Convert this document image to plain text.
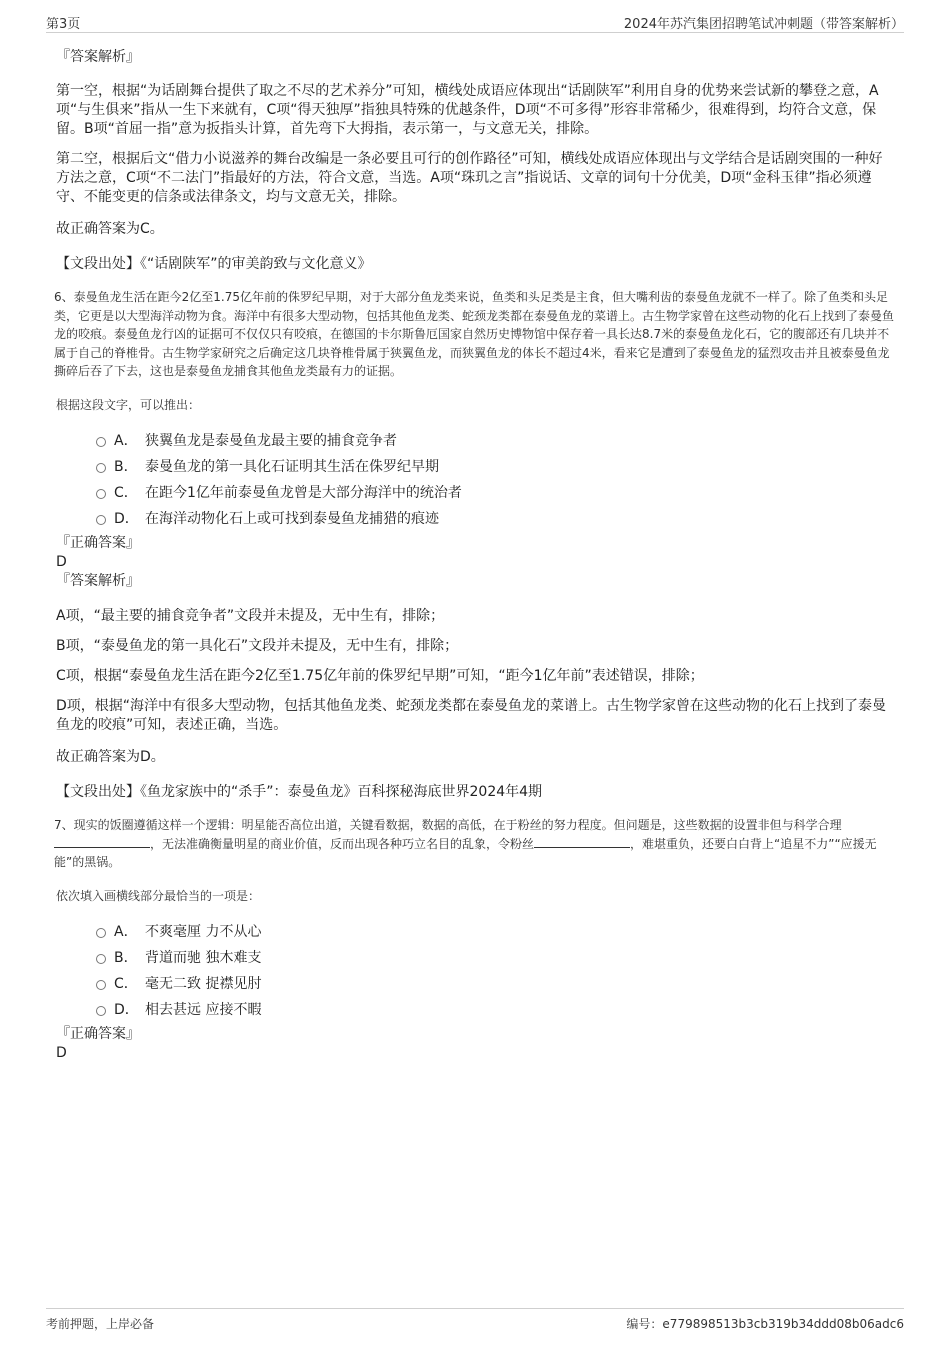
第3页	2024年苏汽集团招聘笔试冲刺题（带答案解析）

『答案解析』

第一空，根据“为话剧舞台提供了取之不尽的艺术养分”可知，横线处成语应体现出“话剧陕军”利用自身的优势来尝试新的攀登之意，A项“与生俱来”指从一生下来就有，C项“得天独厚”指独具特殊的优越条件，D项“不可多得”形容非常稀少，很难得到，均符合文意，保留。B项“首屈一指”意为扳指头计算，首先弯下大拇指，表示第一，与文意无关，排除。

第二空，根据后文“借力小说滋养的舞台改编是一条必要且可行的创作路径”可知，横线处成语应体现出与文学结合是话剧突围的一种好方法之意，C项“不二法门”指最好的方法，符合文意，当选。A项“珠玑之言”指说话、文章的词句十分优美，D项“金科玉律”指必须遵守、不能变更的信条或法律条文，均与文意无关，排除。

故正确答案为C。

【文段出处】《“话剧陕军”的审美韵致与文化意义》

6、泰曼鱼龙生活在距今2亿至1.75亿年前的侏罗纪早期，对于大部分鱼龙类来说，鱼类和头足类是主食，但大嘴利齿的泰曼鱼龙就不一样了。除了鱼类和头足类，它更是以大型海洋动物为食。海洋中有很多大型动物，包括其他鱼龙类、蛇颈龙类都在泰曼鱼龙的菜谱上。古生物学家曾在这些动物的化石上找到了泰曼鱼龙的咬痕。泰曼鱼龙行凶的证据可不仅仅只有咬痕，在德国的卡尔斯鲁厄国家自然历史博物馆中保存着一具长达8.7米的泰曼鱼龙化石，它的腹部还有几块并不属于自己的脊椎骨。古生物学家研究之后确定这几块脊椎骨属于狭翼鱼龙，而狭翼鱼龙的体长不超过4米，看来它是遭到了泰曼鱼龙的猛烈攻击并且被泰曼鱼龙撕碎后吞了下去，这也是泰曼鱼龙捕食其他鱼龙类最有力的证据。

根据这段文字，可以推出：

A． 狭翼鱼龙是泰曼鱼龙最主要的捕食竞争者
B． 泰曼鱼龙的第一具化石证明其生活在侏罗纪早期
C． 在距今1亿年前泰曼鱼龙曾是大部分海洋中的统治者
D． 在海洋动物化石上或可找到泰曼鱼龙捕猎的痕迹

『正确答案』

D

『答案解析』

A项，“最主要的捕食竞争者”文段并未提及，无中生有，排除；

B项，“泰曼鱼龙的第一具化石”文段并未提及，无中生有，排除；

C项，根据“泰曼鱼龙生活在距今2亿至1.75亿年前的侏罗纪早期”可知，“距今1亿年前”表述错误，排除；

D项，根据“海洋中有很多大型动物，包括其他鱼龙类、蛇颈龙类都在泰曼鱼龙的菜谱上。古生物学家曾在这些动物的化石上找到了泰曼鱼龙的咬痕”可知，表述正确，当选。

故正确答案为D。

【文段出处】《鱼龙家族中的“杀手”：泰曼鱼龙》百科探秘海底世界2024年4期

7、现实的饭圈遵循这样一个逻辑：明星能否高位出道，关键看数据，数据的高低，在于粉丝的努力程度。但问题是，这些数据的设置非但与科学合理，无法准确衡量明星的商业价值，反而出现各种巧立名目的乱象，令粉丝	，难堪重负，还要白白背上“追星不力”“应援无能”的黑锅。

依次填入画横线部分最恰当的一项是：

A． 不爽毫厘 力不从心
B． 背道而驰 独木难支
C． 毫无二致 捉襟见肘
D． 相去甚远 应接不暇

『正确答案』

D

考前押题，上岸必备	编号：e779898513b3cb319b34ddd08b06adc6
